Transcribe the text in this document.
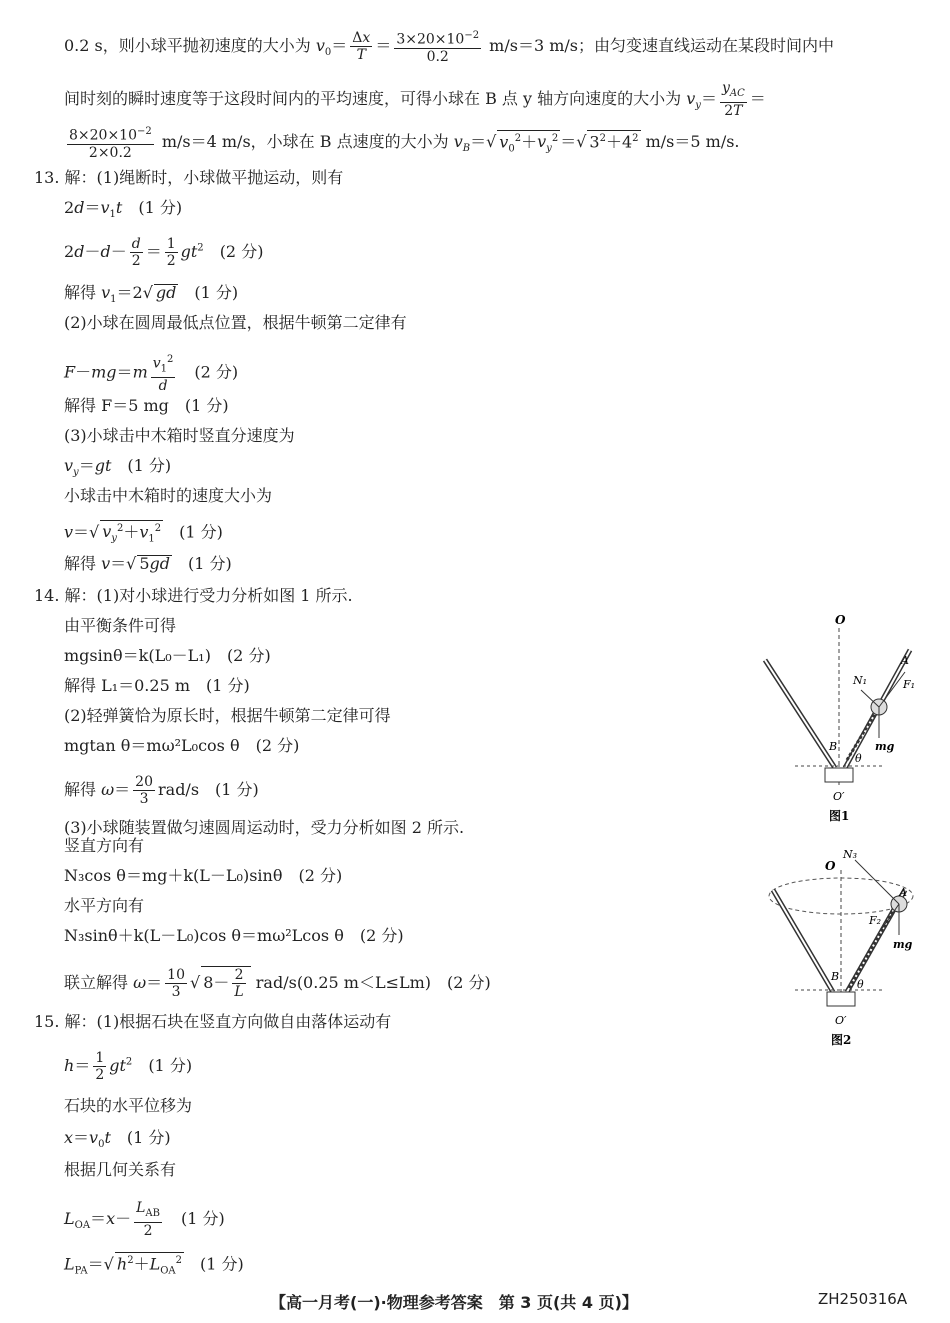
0.2 s，则小球平抛初速度的大小为 $v_0= \frac{\Delta x}{T} = \frac{3\times 20\times 10^{-2}}{0.2} m/s=3$ m/s；由匀变速直线运动在某段时间内中
间时刻的瞬时速度等于这段时间内的平均速度，可得小球在 B 点 y 轴方向速度的大小为 $v_y= \frac{y_{AC}}{2T}$ ＝
$\frac{8\times 20\times 10^{-2}}{2\times 0.2} m/s=4$ m/s，小球在 B 点速度的大小为 $v_B=√$ $v_0^2+v_y^2$ ＝√ $3^2+4^2$ m/s＝5 m/s.
13. 解：(1)绳断时，小球做平抛运动，则有
$2d=v_1t$　 (1 分)
$2d-d- \frac{d}{2} = \frac{1}{2} gt^2$　 (2 分)
解得 $v_1=2√$ gd　 (1 分)
(2)小球在圆周最低点位置，根据牛顿第二定律有
$F-mg=m \frac{v_1^2}{d}$
　 (2 分)
解得 F＝5 mg　(1 分)
(3)小球击中木箱时竖直分速度为
$v_y=gt$　 (1 分)
小球击中木箱时的速度大小为
v＝√ $v_y^2+v_1^2$　 (1 分)
解得 v＝√ 5gd　 (1 分)
14. 解：(1)对小球进行受力分析如图 1 所示.
由平衡条件可得
mgsinθ＝k(L₀－L₁)　(2 分)
解得 L₁＝0.25 m　(1 分)
(2)轻弹簧恰为原长时，根据牛顿第二定律可得
mgtan θ＝mω²L₀cos θ　(2 分)
解得 $\omega= \frac{20}{3} rad/s$　(1 分)
(3)小球随装置做匀速圆周运动时，受力分析如图 2 所示.
竖直方向有
N₃cos θ＝mg＋k(L－L₀)sinθ　(2 分)
水平方向有
N₃sinθ＋k(L－L₀)cos θ＝mω²Lcos θ　(2 分)
联立解得 $\omega= \frac{10}{3}$ √ $8- \frac{2}{L} rad/s(0.25$ m＜L≤Lm)　(2 分)
15. 解：(1)根据石块在竖直方向做自由落体运动有
$h= \frac{1}{2} gt^2$　 (1 分)
石块的水平位移为
$x=v_0t$　 (1 分)
根据几何关系有
$L_{OA}=x- \frac{L_{AB}}{2}$
　 (1 分)
$L_{PA}=√$ $h^2+L_{OA}^2$　 (1 分)
O
A
N₁	F₁
mg
B
θ
O′
图1
O
N₃
A
F₂
mg
B
θ
O′
图2
【高一月考(一)·物理参考答案　第 3 页(共 4 页)】	ZH250316A
